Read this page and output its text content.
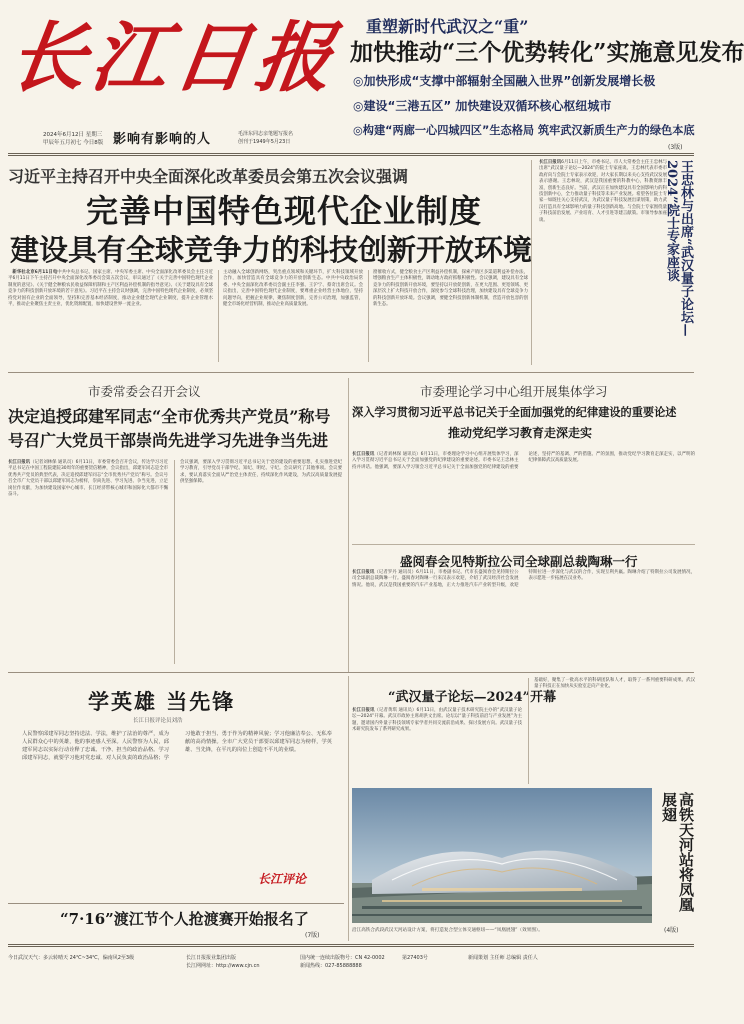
长江日报
2024年6月12日 星期三
甲辰年五月初七 今日8版 影响有影响的人	毛泽东同志亲笔题写报名
创刊于1949年5月23日
重塑新时代武汉之“重”
加快推动“三个优势转化”实施意见发布
◎加快形成“支撑中部辐射全国融入世界”创新发展增长极
◎建设“三港五区” 加快建设双循环核心枢纽城市
◎构建“两廊一心四城四区”生态格局 筑牢武汉新质生产力的绿色本底
(3版)
习近平主持召开中央全面深化改革委员会第五次会议强调
完善中国特色现代企业制度
建设具有全球竞争力的科技创新开放环境
新华社北京6月11日电中共中央总书记、国家主席、中央军委主席、中央全面深化改革委员会主任习近平6月11日下午主持召开中央全面深化改革委员会第五次会议，审议通过了《关于完善中国特色现代企业制度的意见》、《关于健全种粮农民收益保障机制和主产区利益补偿机制的指导意见》、《关于建设具有全球竞争力的科技创新开放环境的若干意见》。习近平在主持会议时强调，完善中国特色现代企业制度，必须坚持党对国有企业的全面领导，坚持和完善基本经济制度，推动企业健全现代企业制度，提升企业管理水平，推动企业聚焦主责主业，优化资源配置，加快建设世界一流企业。
主动融入全球创新网络，突出重点领域和关键环节，扩大科技领域开放合作，加快营造具有全球竞争力的开放创新生态。中共中央政治局常委、中央全面深化改革委员会副主任李强、王沪宁、蔡奇出席会议。会议指出，完善中国特色现代企业制度，要尊重企业经营主体地位，坚持问题导向，把握企业规律，聚焦制度创新，完善公司治理，加强监管，健全市场化经营机制，推动企业高质量发展。
窗催收方式，健全粮食主产区利益补偿机制，探索产销区多渠道利益补偿办法，增强粮食生产主体积极性，调动地方政府抓粮积极性。会议强调，建设具有全球竞争力的科技创新开放环境，要坚持以开放促创新，在更大范围、更宽领域、更深层次上扩大科技开放合作，深度参与全球科技治理，加快建设具有全球竞争力的科技创新开放环境。会议强调，要健全科技创新体制机制，营造开放包容的创新生态。
长江日报讯6月11日上午，市委书记、市人大常委会主任王忠林与出席“武汉量子论坛—2024”的院士专家座谈。王忠林代表市委市政府向与会院士专家表示欢迎，对大家长期以来关心支持武汉发展表示感谢。王忠林说，武汉是我国重要的科教中心，科教资源丰富，创新生态良好。当前，武汉正在加快建设具有全国影响力的科技创新中心，全力推动量子科技等未来产业发展。希望各位院士专家一如既往关心支持武汉，为武汉量子科技发展出谋划策，助力武汉打造具有全球影响力的量子科技创新高地。与会院士专家围绕量子科技前沿发展、产业培育、人才引进等建言献策。市领导参加座谈。	王忠林与出席“武汉量子论坛—2024”院士专家座谈
市委常委会召开会议
决定追授邱建军同志“全市优秀共产党员”称号
号召广大党员干部崇尚先进学习先进争当先进
长江日报讯（记者刘林保 通讯员）6月11日，市委常委会召开会议，传达学习习近平总书记在中国工程院建院30周年的重要贺信精神，会议指出，邱建军同志是全市优秀共产党员的典型代表，决定追授邱建军同志“全市优秀共产党员”称号。会议号召全市广大党员干部以邱建军同志为榜样，崇尚先进、学习先进、争当先进，立足岗位作贡献，为加快建设国家中心城市、长江经济带核心城市和国际化大都市不懈奋斗。
会议强调，要深入学习贯彻习近平总书记关于党的建设的重要思想，扎实推进党纪学习教育，引导党员干部学纪、知纪、明纪、守纪。会议研究了其他事项。会议要求，要认真落实全面从严治党主体责任，持续深化作风建设，为武汉高质量发展提供坚强保障。
市委理论学习中心组开展集体学习
深入学习贯彻习近平总书记关于全面加强党的纪律建设的重要论述
推动党纪学习教育走深走实
长江日报讯（记者刘林保 通讯员）6月11日，市委理论学习中心组开展集体学习，深入学习贯彻习近平总书记关于全面加强党的纪律建设的重要论述。市委书记王忠林主持并讲话。他强调，要深入学习领会习近平总书记关于全面加强党的纪律建设的重要论述，坚持严的基调、严的措施、严的氛围，推动党纪学习教育走深走实，以严明的纪律保障武汉高质量发展。
盛阅春会见特斯拉公司全球副总裁陶琳一行
长江日报讯（记者罗丹 通讯员）6月11日，市委副书记、代市长盛阅春会见特斯拉公司全球副总裁陶琳一行。盛阅春对陶琳一行来汉表示欢迎，介绍了武汉经济社会发展情况。他说，武汉是我国重要的汽车产业基地，正大力推进汽车产业转型升级，欢迎特斯拉进一步深化与武汉的合作，实现互利共赢。陶琳介绍了特斯拉公司发展情况，表示愿进一步拓展在汉业务。
学英雄 当先锋
长江日报评论员刘浩
人民警察邱建军同志坚持送法、学法，维护了法治的尊严，成为人民群众心中的英雄，他的事迹感人至深。人民警察为人民，邱建军同志以实际行动诠释了忠诚、干净、担当的政治品格。学习邱建军同志，就要学习他对党忠诚、对人民负责的政治品格；学习他敢于担当、勇于作为的精神风貌；学习他廉洁奉公、无私奉献的高尚情操。全市广大党员干部要以邱建军同志为榜样，学英雄、当先锋，在平凡的岗位上创造不平凡的业绩。
长江评论
“武汉量子论坛—2024”开幕
长江日报讯（记者黄琪 通讯员）6月11日，由武汉量子技术研究院主办的“武汉量子论坛—2024”开幕。武汉市政协主席胡洪文出席。论坛以“量子科技前沿与产业发展”为主题，邀请国内外量子科技领域专家学者共同交流前沿成果、探讨发展方向。武汉量子技术研究院发布了系列研究成果。
基础好，聚集了一批高水平的科研团队和人才，取得了一系列重要科研成果。武汉量子科技正在加快从实验室走向产业化。
高铁天河站将凤凰展翅
(4版)
沿江高铁合武段武汉天河站设计方案，将打造复合型立体交通枢纽——“凤凰展翅”（效果图）。
“7·16”渡江节个人抢渡赛开始报名了
(7版)
今日武汉天气：多云转晴天 24℃~34℃，偏南风2至3级	长江日报报业集团出版
长江网网址：http://www.cjn.cn
国内统一连续出版物号：CN 42-0002	第27403号
新闻热线：027-85888888
新闻策划 主任师 总编辑 责任人
